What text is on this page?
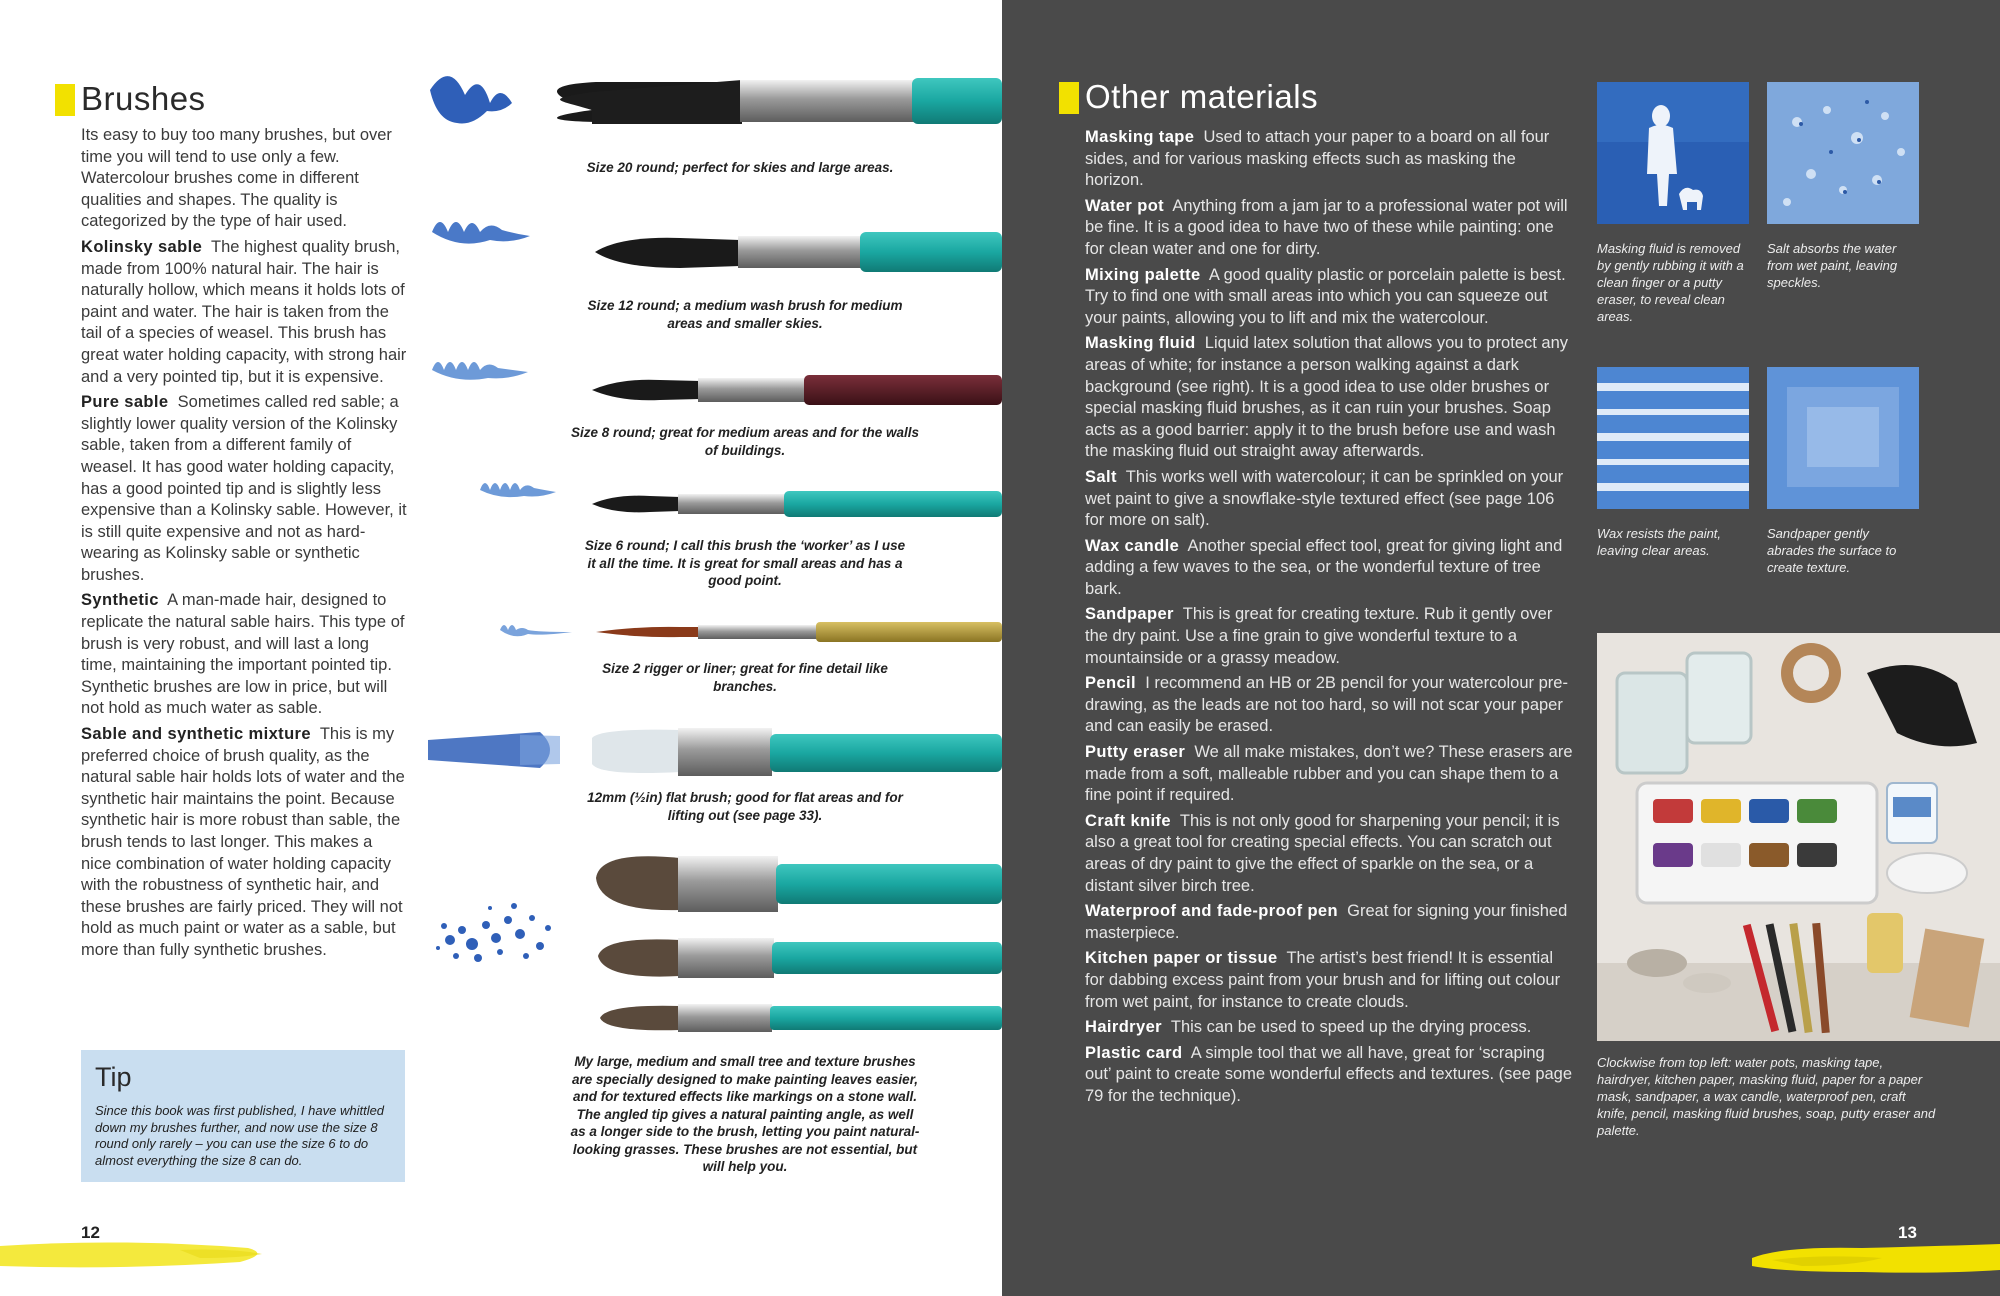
Brushes

Its easy to buy too many brushes, but over time you will tend to use only a few. Watercolour brushes come in different qualities and shapes. The quality is categorized by the type of hair used.

Kolinsky sable The highest quality brush, made from 100% natural hair. The hair is naturally hollow, which means it holds lots of paint and water. The hair is taken from the tail of a species of weasel. This brush has great water holding capacity, with strong hair and a very pointed tip, but it is expensive.

Pure sable Sometimes called red sable; a slightly lower quality version of the Kolinsky sable, taken from a different family of weasel. It has good water holding capacity, has a good pointed tip and is slightly less expensive than a Kolinsky sable. However, it is still quite expensive and not as hard-wearing as Kolinsky sable or synthetic brushes.

Synthetic A man-made hair, designed to replicate the natural sable hairs. This type of brush is very robust, and will last a long time, maintaining the important pointed tip. Synthetic brushes are low in price, but will not hold as much water as sable.

Sable and synthetic mixture This is my preferred choice of brush quality, as the natural sable hair holds lots of water and the synthetic hair maintains the point. Because synthetic hair is more robust than sable, the brush tends to last longer. This makes a nice combination of water holding capacity with the robustness of synthetic hair, and these brushes are fairly priced. They will not hold as much paint or water as a sable, but more than fully synthetic brushes.

Tip
Since this book was first published, I have whittled down my brushes further, and now use the size 8 round only rarely – you can use the size 6 to do almost everything the size 8 can do.
Size 20 round; perfect for skies and large areas.
Size 12 round; a medium wash brush for medium areas and smaller skies.
Size 8 round; great for medium areas and for the walls of buildings.
Size 6 round; I call this brush the ‘worker’ as I use it all the time. It is great for small areas and has a good point.
Size 2 rigger or liner; great for fine detail like branches.
12mm (½in) flat brush; good for flat areas and for lifting out (see page 33).
My large, medium and small tree and texture brushes are specially designed to make painting leaves easier, and for textured effects like markings on a stone wall. The angled tip gives a natural painting angle, as well as a longer side to the brush, letting you paint natural-looking grasses. These brushes are not essential, but will help you.
12
Other materials

Masking tape Used to attach your paper to a board on all four sides, and for various masking effects such as masking the horizon.

Water pot Anything from a jam jar to a professional water pot will be fine. It is a good idea to have two of these while painting: one for clean water and one for dirty.

Mixing palette A good quality plastic or porcelain palette is best. Try to find one with small areas into which you can squeeze out your paints, allowing you to lift and mix the watercolour.

Masking fluid Liquid latex solution that allows you to protect any areas of white; for instance a person walking against a dark background (see right). It is a good idea to use older brushes or special masking fluid brushes, as it can ruin your brushes. Soap acts as a good barrier: apply it to the brush before use and wash the masking fluid out straight away afterwards.

Salt This works well with watercolour; it can be sprinkled on your wet paint to give a snowflake-style textured effect (see page 106 for more on salt).

Wax candle Another special effect tool, great for giving light and adding a few waves to the sea, or the wonderful texture of tree bark.

Sandpaper This is great for creating texture. Rub it gently over the dry paint. Use a fine grain to give wonderful texture to a mountainside or a grassy meadow.

Pencil I recommend an HB or 2B pencil for your watercolour pre-drawing, as the leads are not too hard, so will not scar your paper and can easily be erased.

Putty eraser We all make mistakes, don’t we? These erasers are made from a soft, malleable rubber and you can shape them to a fine point if required.

Craft knife This is not only good for sharpening your pencil; it is also a great tool for creating special effects. You can scratch out areas of dry paint to give the effect of sparkle on the sea, or a distant silver birch tree.

Waterproof and fade-proof pen Great for signing your finished masterpiece.

Kitchen paper or tissue The artist’s best friend! It is essential for dabbing excess paint from your brush and for lifting out colour from wet paint, for instance to create clouds.

Hairdryer This can be used to speed up the drying process.

Plastic card A simple tool that we all have, great for ‘scraping out’ paint to create some wonderful effects and textures. (see page 79 for the technique).

Masking fluid is removed by gently rubbing it with a clean finger or a putty eraser, to reveal clean areas.
Salt absorbs the water from wet paint, leaving speckles.
Wax resists the paint, leaving clear areas.
Sandpaper gently abrades the surface to create texture.
Clockwise from top left: water pots, masking tape, hairdryer, kitchen paper, masking fluid, paper for a paper mask, sandpaper, a wax candle, waterproof pen, craft knife, pencil, masking fluid brushes, soap, putty eraser and palette.
13
